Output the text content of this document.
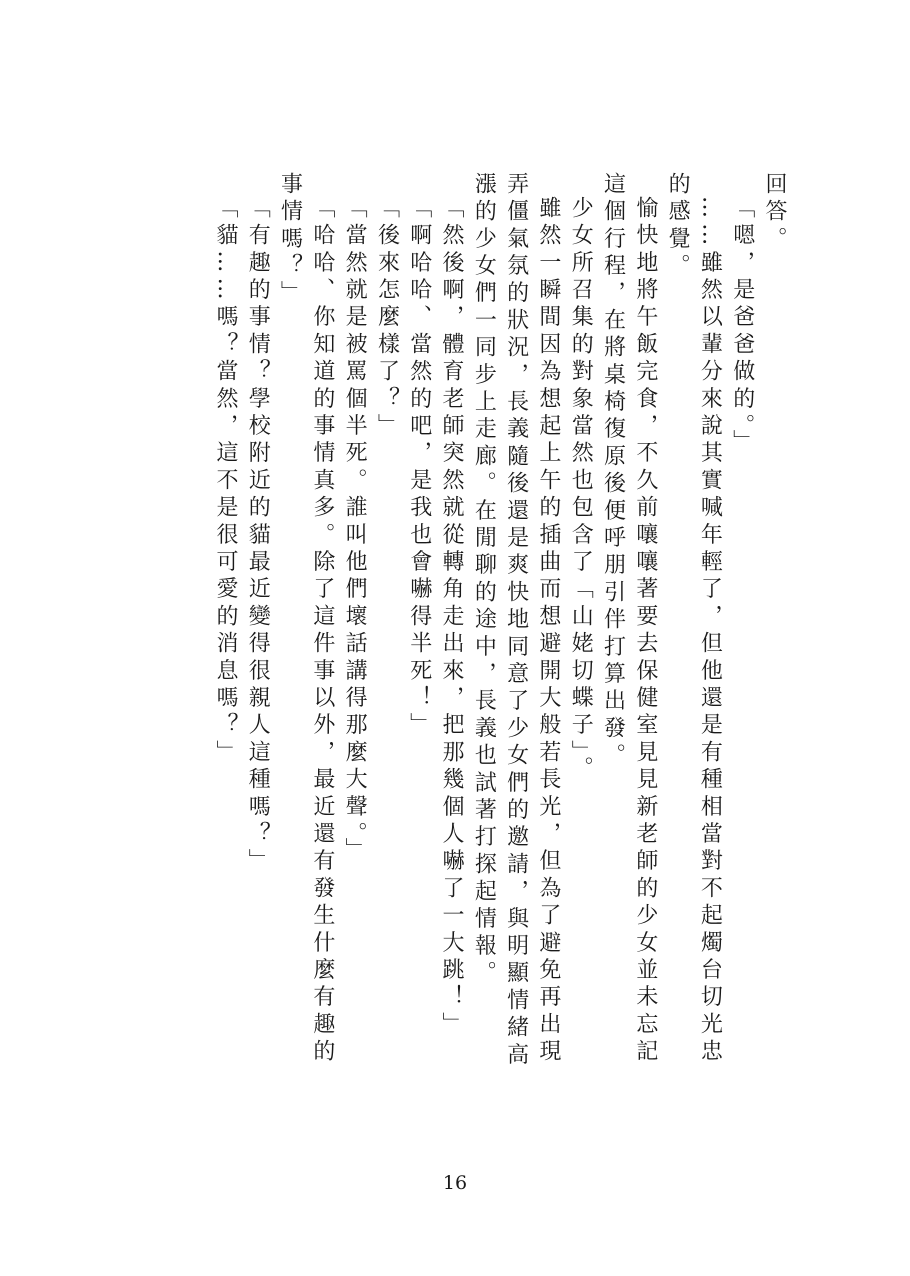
回答。

「嗯，是爸爸做的。」

……雖然以輩分來說其實喊年輕了，但他還是有種相當對不起燭台切光忠的感覺。

愉快地將午飯完食，不久前嚷嚷著要去保健室見見新老師的少女並未忘記這個行程，在將桌椅復原後便呼朋引伴打算出發。

少女所召集的對象當然也包含了「山姥切蝶子」。

雖然一瞬間因為想起上午的插曲而想避開大般若長光，但為了避免再出現弄僵氣氛的狀況，長義隨後還是爽快地同意了少女們的邀請，與明顯情緒高漲的少女們一同步上走廊。在閒聊的途中，長義也試著打探起情報。

「然後啊，體育老師突然就從轉角走出來，把那幾個人嚇了一大跳！」

「啊哈哈、當然的吧，是我也會嚇得半死！」

「後來怎麼樣了？」

「當然就是被罵個半死。誰叫他們壞話講得那麼大聲。」

「哈哈、你知道的事情真多。除了這件事以外，最近還有發生什麼有趣的事情嗎？」

「有趣的事情？學校附近的貓最近變得很親人這種嗎？」

「貓……嗎？當然，這不是很可愛的消息嗎？」

16
